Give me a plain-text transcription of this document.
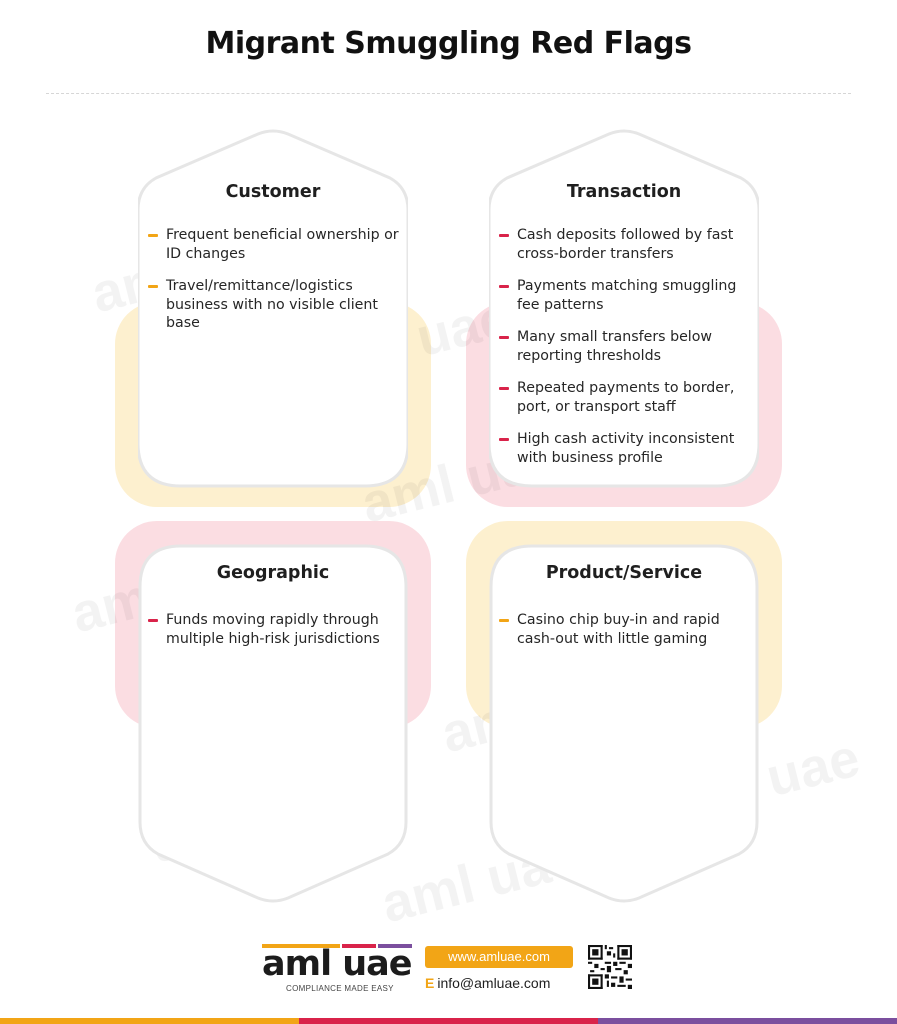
Migrant Smuggling Red Flags
Customer
Frequent beneficial ownership or ID changes
Travel/remittance/logistics business with no visible client base
Transaction
Cash deposits followed by fast cross-border transfers
Payments matching smuggling fee patterns
Many small transfers below reporting thresholds
Repeated payments to border, port, or transport staff
High cash activity inconsistent with business profile
Geographic
Funds moving rapidly through multiple high-risk jurisdictions
Product/Service
Casino chip buy-in and rapid cash-out with little gaming
aml uae
COMPLIANCE MADE EASY
www.amluae.com
E info@amluae.com
